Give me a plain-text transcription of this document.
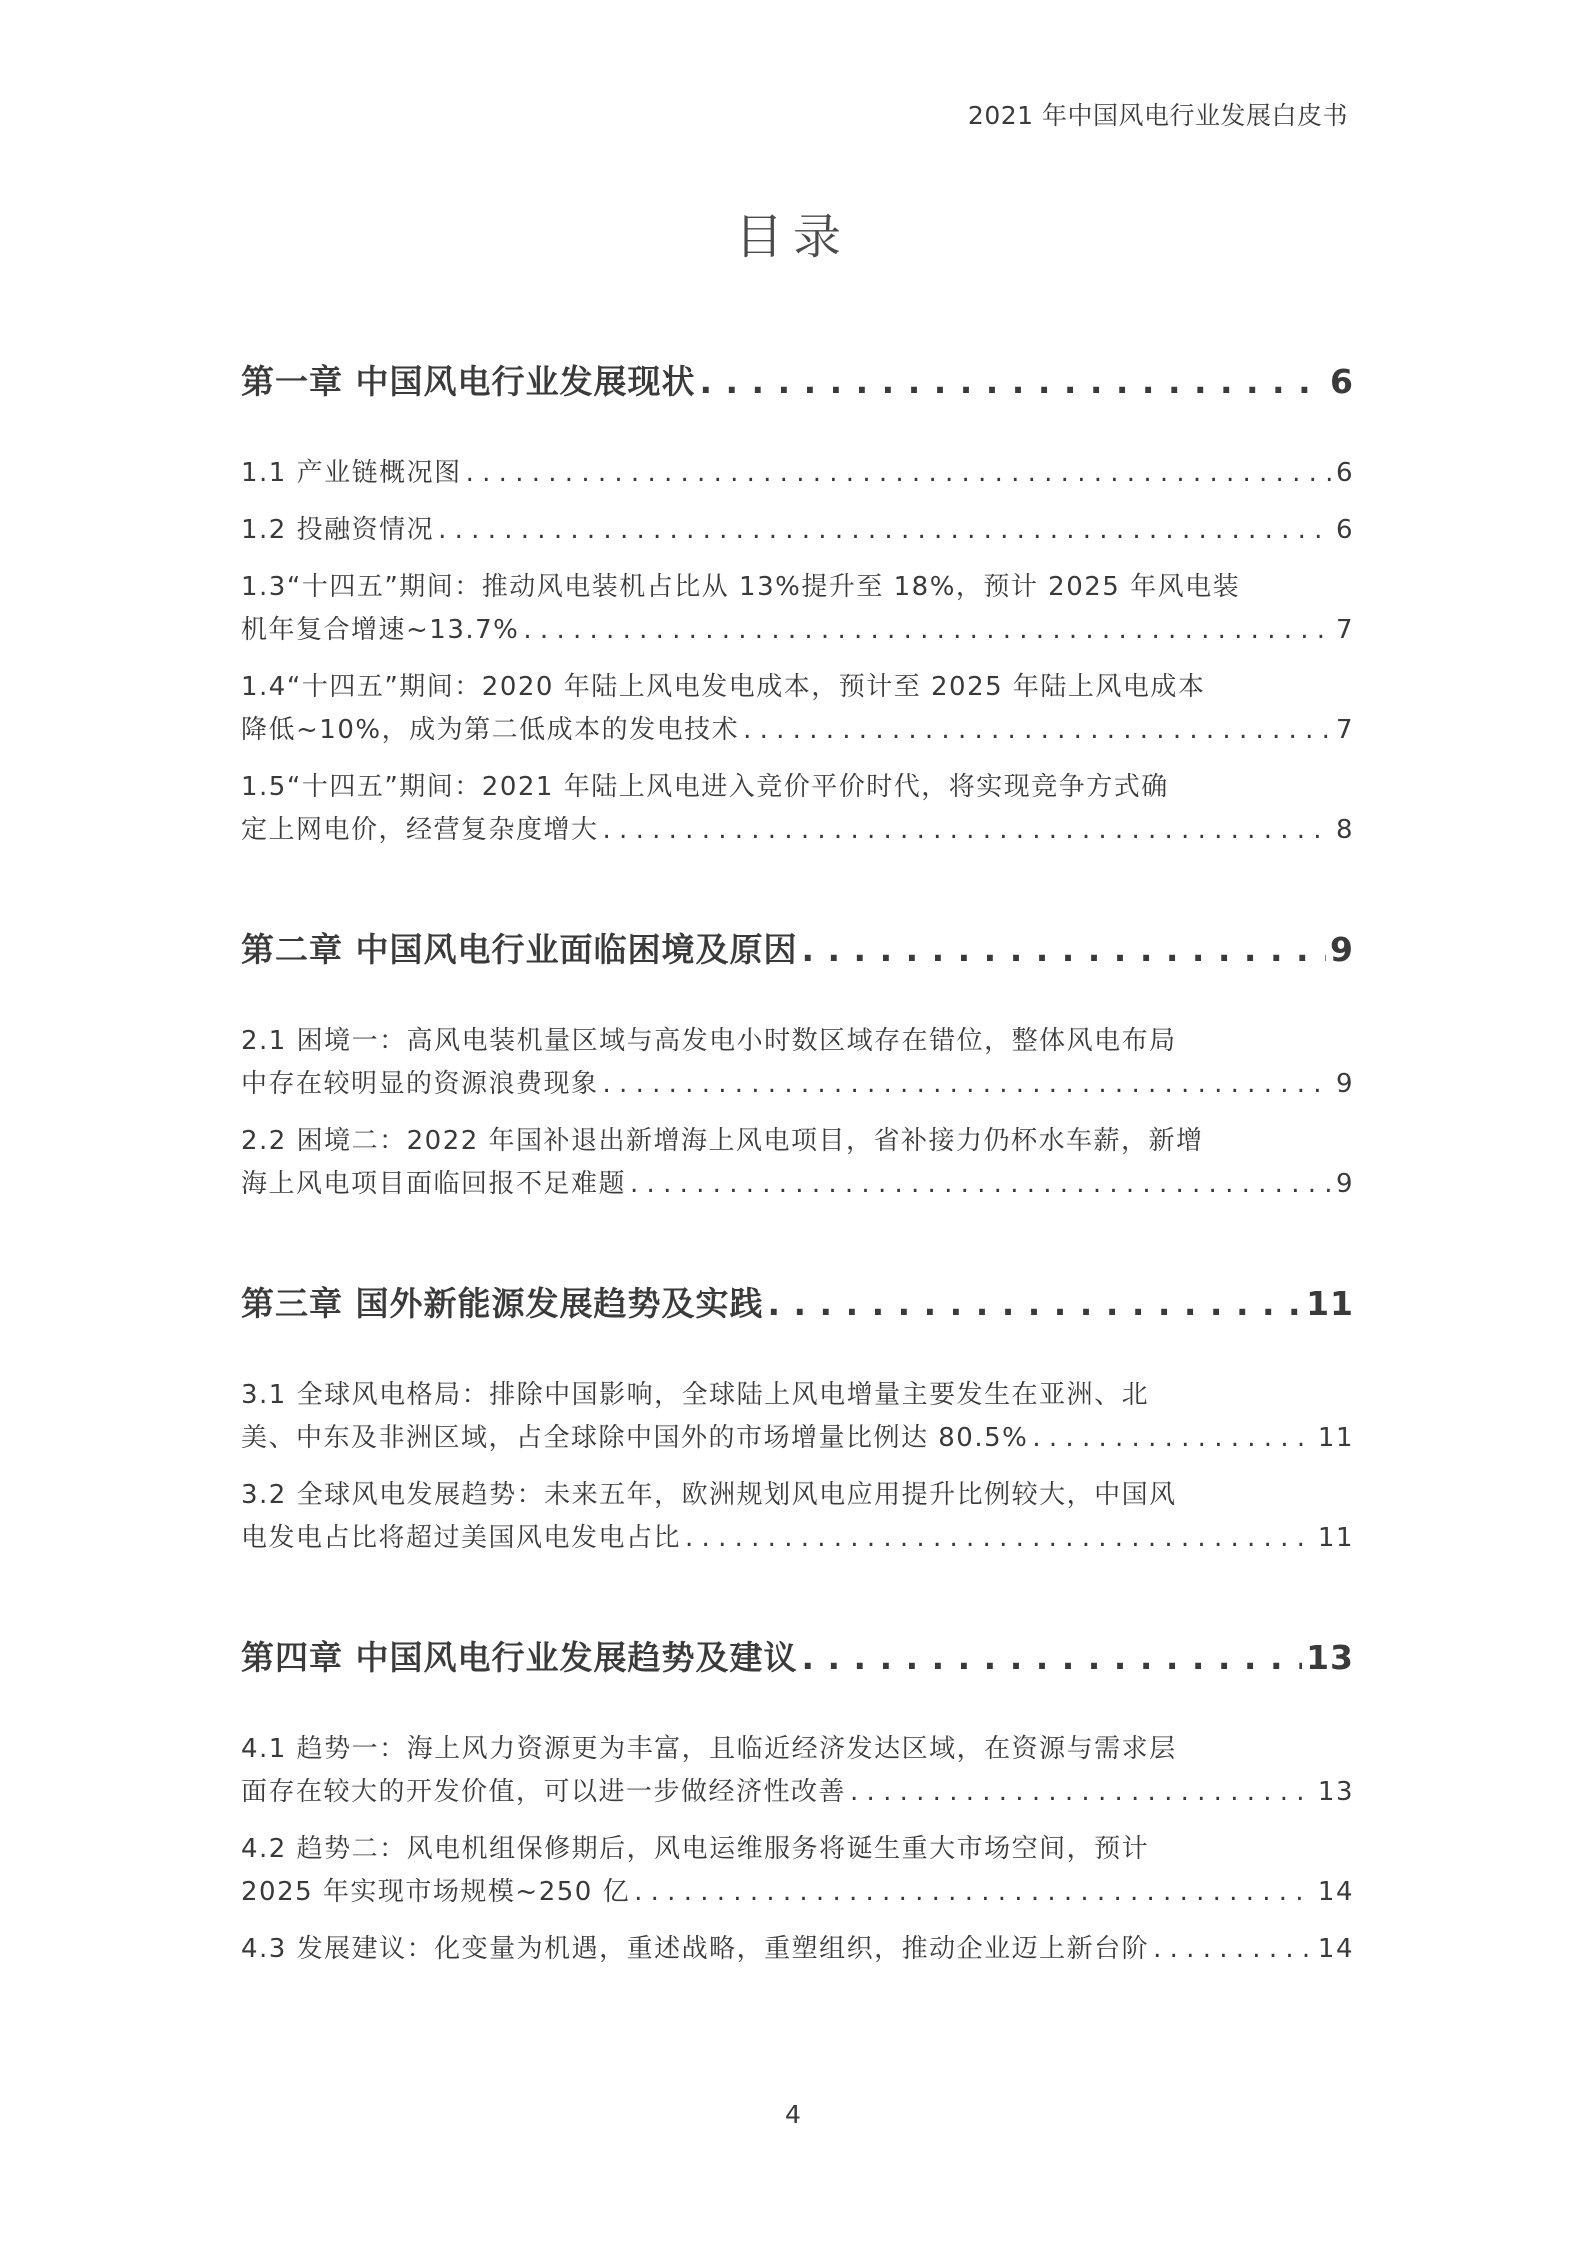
2021 年中国风电行业发展白皮书
目录
第一章 中国风电行业发展现状 . . .	6
1.1 产业链概况图 . . .	6
1.2 投融资情况 . . .	6
1.3“十四五”期间：推动风电装机占比从 13%提升至 18%，预计 2025 年风电装
机年复合增速~13.7% . . .	7
1.4“十四五”期间：2020 年陆上风电发电成本，预计至 2025 年陆上风电成本
降低~10%，成为第二低成本的发电技术 . . .	7
1.5“十四五”期间：2021 年陆上风电进入竞价平价时代，将实现竞争方式确
定上网电价，经营复杂度增大 . . .	8
第二章 中国风电行业面临困境及原因 . . .	9
2.1 困境一：高风电装机量区域与高发电小时数区域存在错位，整体风电布局
中存在较明显的资源浪费现象 . . .	9
2.2 困境二：2022 年国补退出新增海上风电项目，省补接力仍杯水车薪，新增
海上风电项目面临回报不足难题 . . .	9
第三章 国外新能源发展趋势及实践 . . .	11
3.1 全球风电格局：排除中国影响，全球陆上风电增量主要发生在亚洲、北
美、中东及非洲区域，占全球除中国外的市场增量比例达 80.5% . . .	11
3.2 全球风电发展趋势：未来五年，欧洲规划风电应用提升比例较大，中国风
电发电占比将超过美国风电发电占比 . . .	11
第四章 中国风电行业发展趋势及建议 . . .	13
4.1 趋势一：海上风力资源更为丰富，且临近经济发达区域，在资源与需求层
面存在较大的开发价值，可以进一步做经济性改善 . . .	13
4.2 趋势二：风电机组保修期后，风电运维服务将诞生重大市场空间，预计
2025 年实现市场规模~250 亿 . . .	14
4.3 发展建议：化变量为机遇，重述战略，重塑组织，推动企业迈上新台阶 . . .	14
4
